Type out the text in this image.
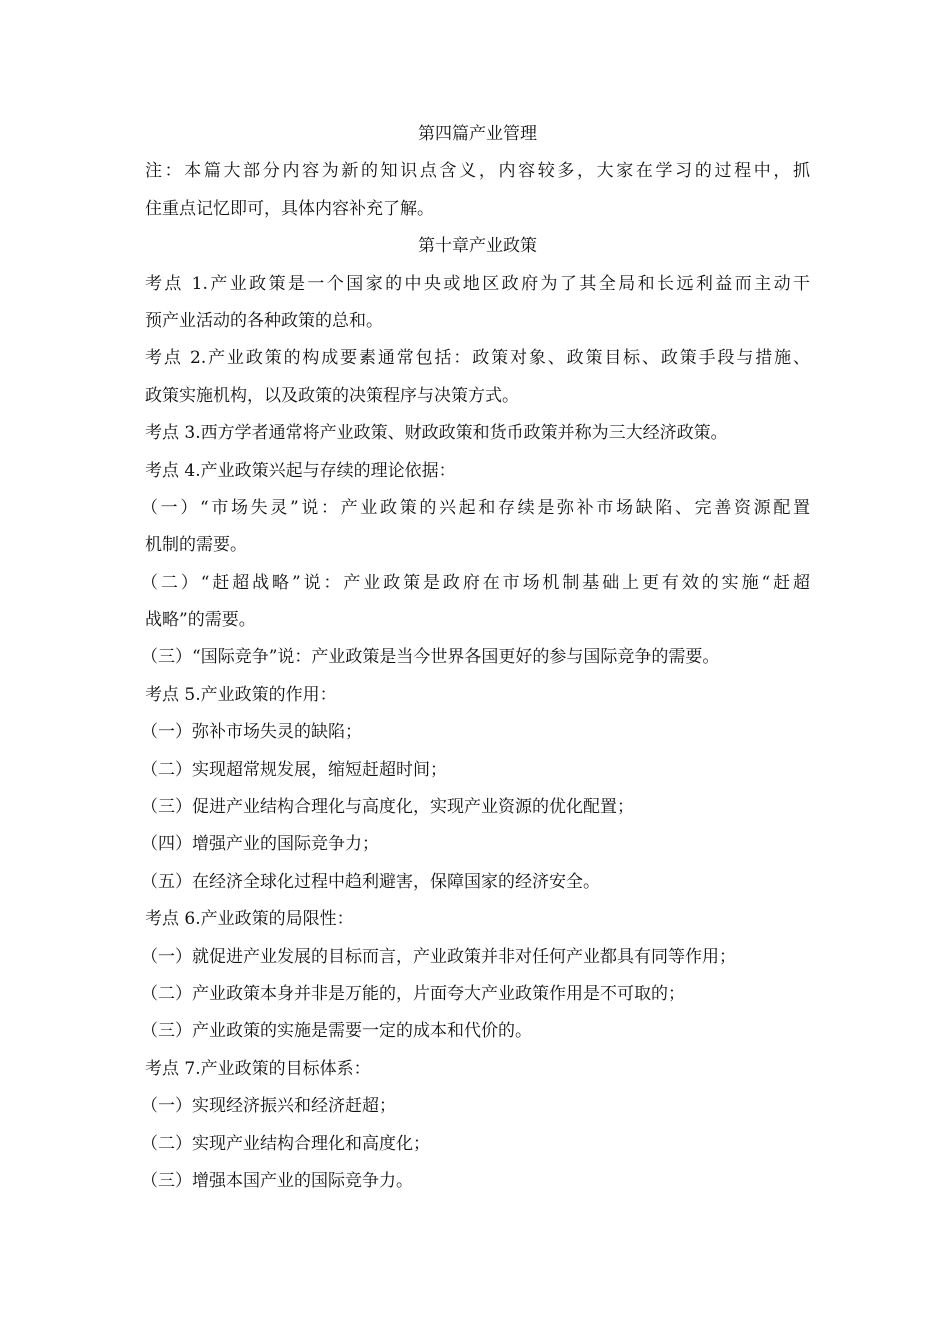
第四篇产业管理

注：本篇大部分内容为新的知识点含义，内容较多，大家在学习的过程中，抓

住重点记忆即可，具体内容补充了解。

第十章产业政策

考点 1.产业政策是一个国家的中央或地区政府为了其全局和长远利益而主动干

预产业活动的各种政策的总和。

考点 2.产业政策的构成要素通常包括：政策对象、政策目标、政策手段与措施、

政策实施机构，以及政策的决策程序与决策方式。

考点 3.西方学者通常将产业政策、财政政策和货币政策并称为三大经济政策。

考点 4.产业政策兴起与存续的理论依据：

（一）“市场失灵”说：产业政策的兴起和存续是弥补市场缺陷、完善资源配置

机制的需要。

（二）“赶超战略”说：产业政策是政府在市场机制基础上更有效的实施“赶超

战略”的需要。

（三）“国际竞争”说：产业政策是当今世界各国更好的参与国际竞争的需要。

考点 5.产业政策的作用：

（一）弥补市场失灵的缺陷；

（二）实现超常规发展，缩短赶超时间；

（三）促进产业结构合理化与高度化，实现产业资源的优化配置；

（四）增强产业的国际竞争力；

（五）在经济全球化过程中趋利避害，保障国家的经济安全。

考点 6.产业政策的局限性：

（一）就促进产业发展的目标而言，产业政策并非对任何产业都具有同等作用；

（二）产业政策本身并非是万能的，片面夸大产业政策作用是不可取的；

（三）产业政策的实施是需要一定的成本和代价的。

考点 7.产业政策的目标体系：

（一）实现经济振兴和经济赶超；

（二）实现产业结构合理化和高度化；

（三）增强本国产业的国际竞争力。
